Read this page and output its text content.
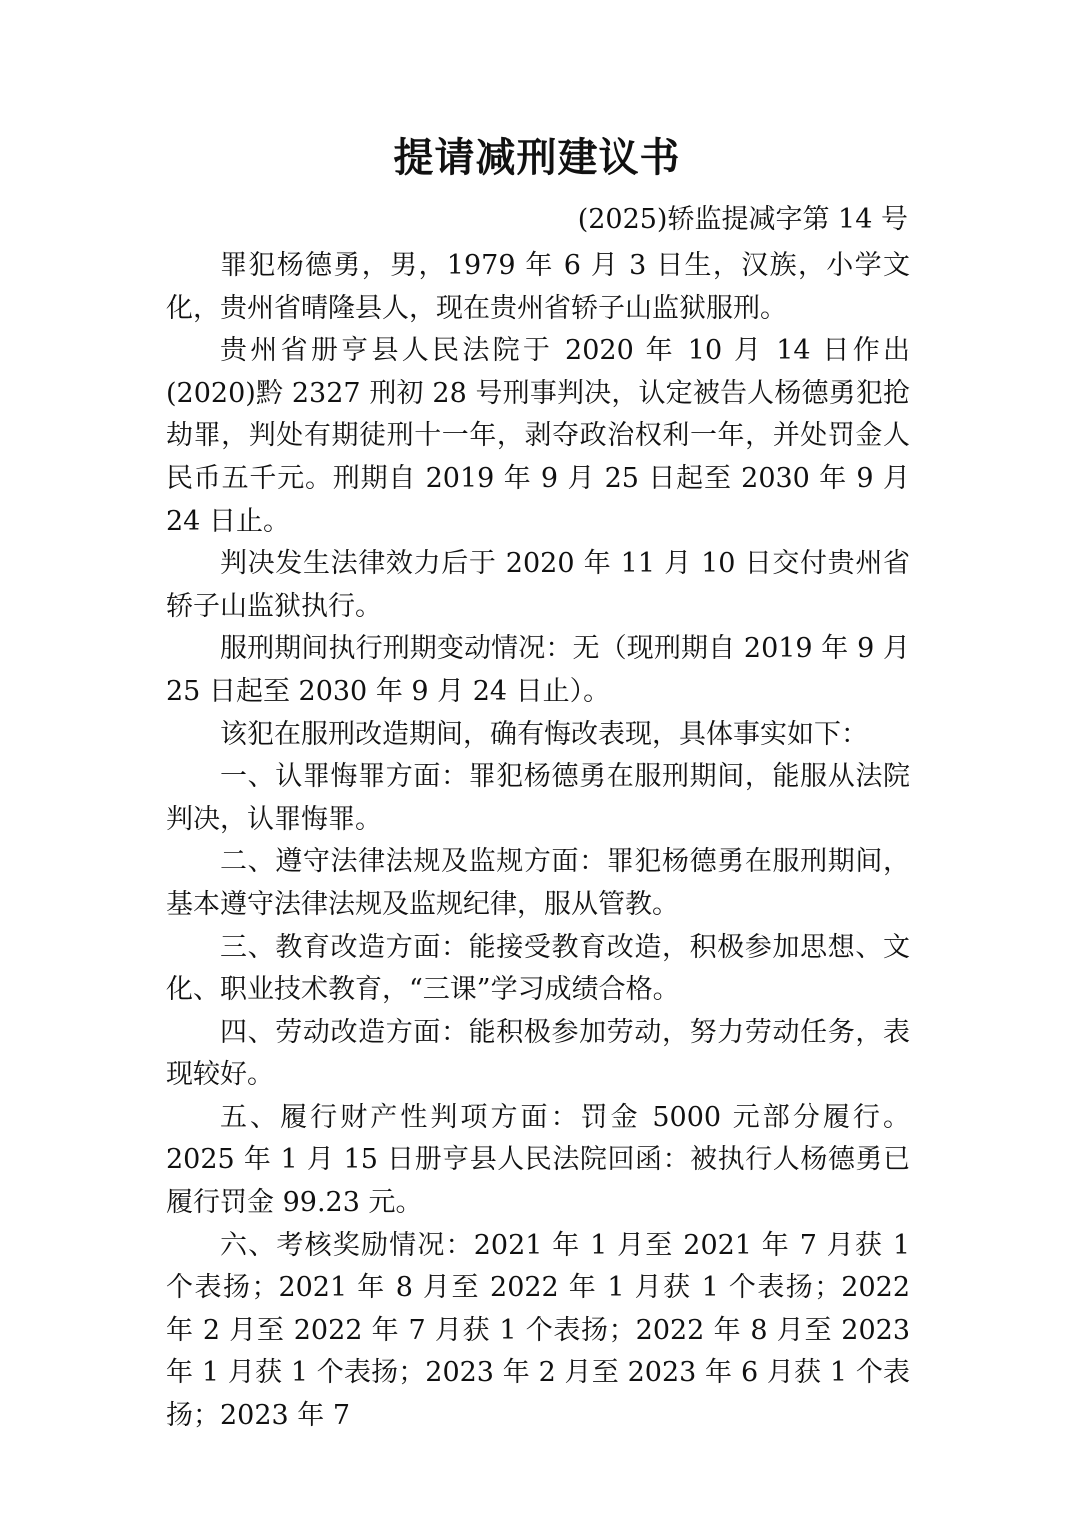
提请减刑建议书
(2025)轿监提减字第 14 号

罪犯杨德勇，男，1979 年 6 月 3 日生，汉族，小学文化，贵州省晴隆县人，现在贵州省轿子山监狱服刑。

贵州省册亨县人民法院于 2020 年 10 月 14 日作出(2020)黔 2327 刑初 28 号刑事判决，认定被告人杨德勇犯抢劫罪，判处有期徒刑十一年，剥夺政治权利一年，并处罚金人民币五千元。刑期自 2019 年 9 月 25 日起至 2030 年 9 月 24 日止。

判决发生法律效力后于 2020 年 11 月 10 日交付贵州省轿子山监狱执行。

服刑期间执行刑期变动情况：无（现刑期自 2019 年 9 月 25 日起至 2030 年 9 月 24 日止）。

该犯在服刑改造期间，确有悔改表现，具体事实如下：

一、认罪悔罪方面：罪犯杨德勇在服刑期间，能服从法院判决，认罪悔罪。

二、遵守法律法规及监规方面：罪犯杨德勇在服刑期间，基本遵守法律法规及监规纪律，服从管教。

三、教育改造方面：能接受教育改造，积极参加思想、文化、职业技术教育，“三课”学习成绩合格。

四、劳动改造方面：能积极参加劳动，努力劳动任务，表现较好。

五、履行财产性判项方面：罚金 5000 元部分履行。2025 年 1 月 15 日册亨县人民法院回函：被执行人杨德勇已履行罚金 99.23 元。

六、考核奖励情况：2021 年 1 月至 2021 年 7 月获 1 个表扬；2021 年 8 月至 2022 年 1 月获 1 个表扬；2022 年 2 月至 2022 年 7 月获 1 个表扬；2022 年 8 月至 2023 年 1 月获 1 个表扬；2023 年 2 月至 2023 年 6 月获 1 个表扬；2023 年 7
